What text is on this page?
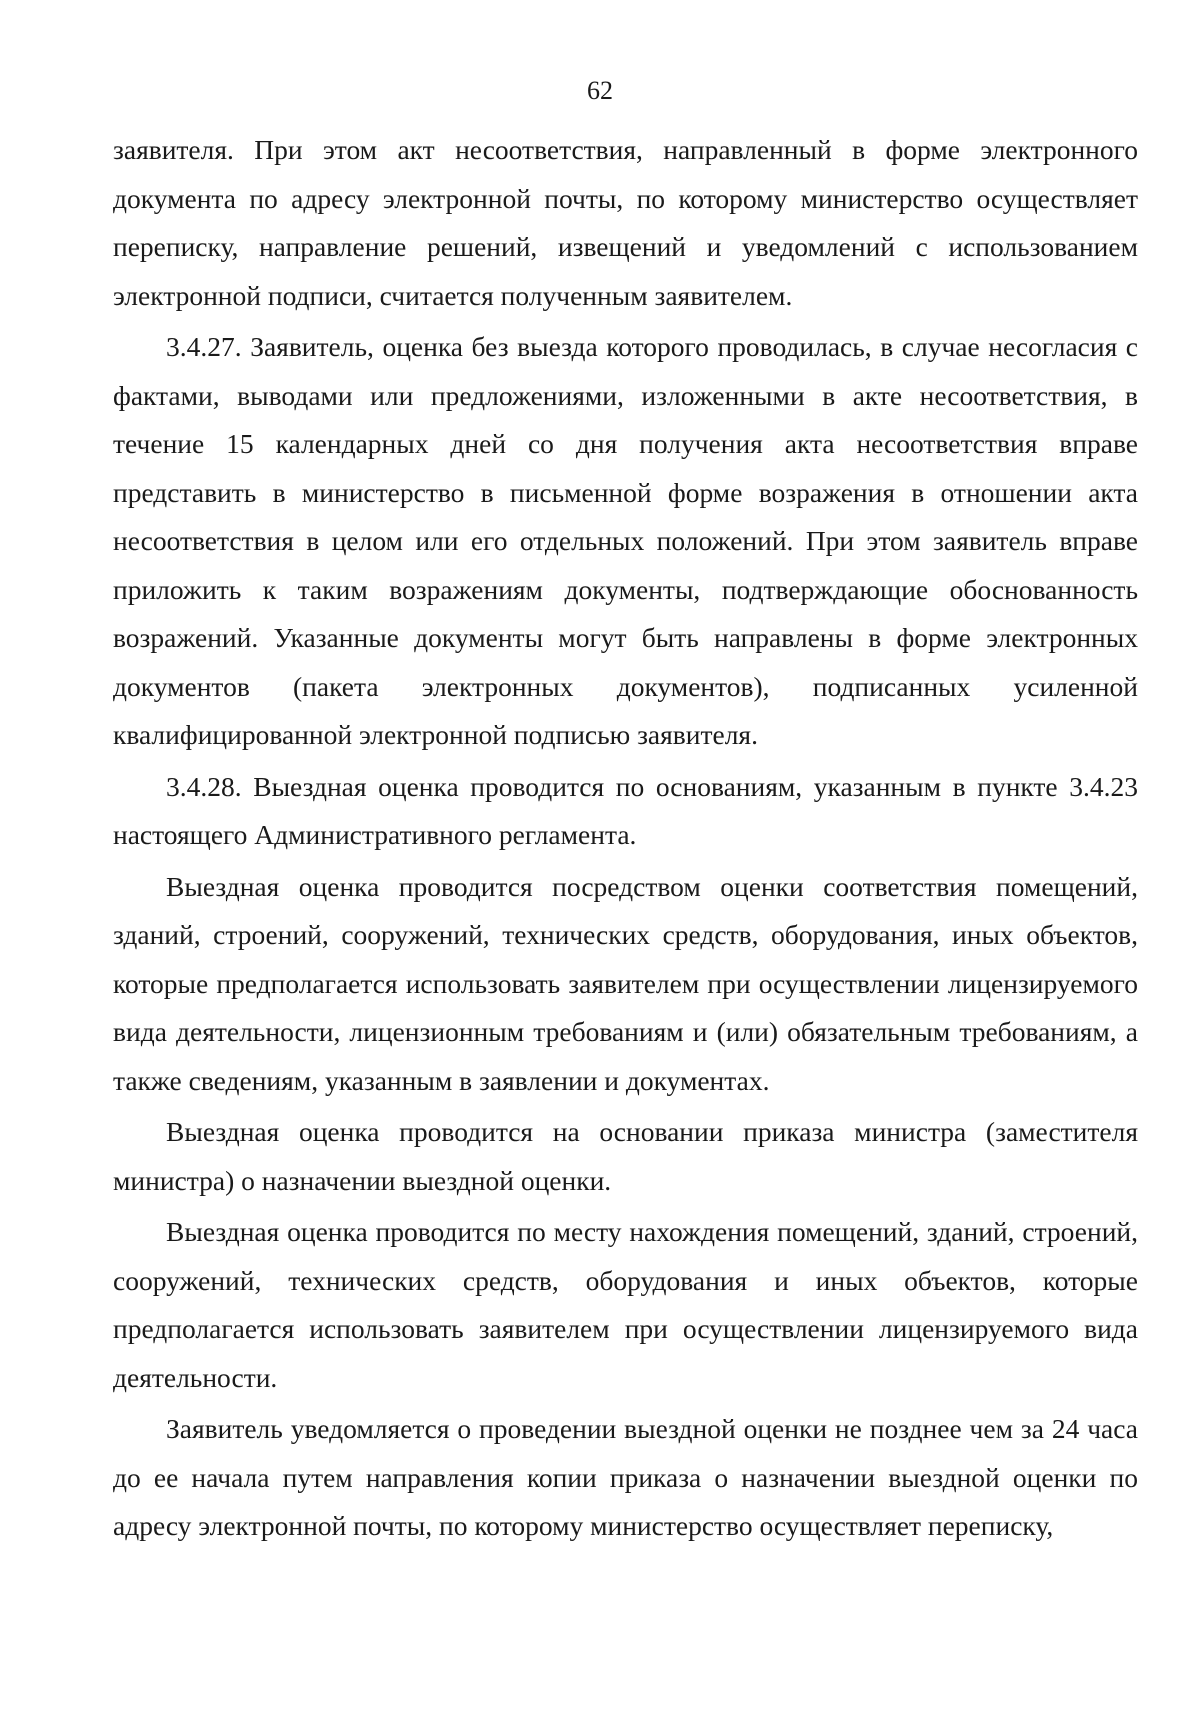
62

заявителя. При этом акт несоответствия, направленный в форме электронного документа по адресу электронной почты, по которому министерство осуществляет переписку, направление решений, извещений и уведомлений с использованием электронной подписи, считается полученным заявителем.

3.4.27. Заявитель, оценка без выезда которого проводилась, в случае несогласия с фактами, выводами или предложениями, изложенными в акте несоответствия, в течение 15 календарных дней со дня получения акта несоответствия вправе представить в министерство в письменной форме возражения в отношении акта несоответствия в целом или его отдельных положений. При этом заявитель вправе приложить к таким возражениям документы, подтверждающие обоснованность возражений. Указанные документы могут быть направлены в форме электронных документов (пакета электронных документов), подписанных усиленной квалифицированной электронной подписью заявителя.

3.4.28. Выездная оценка проводится по основаниям, указанным в пункте 3.4.23 настоящего Административного регламента.

Выездная оценка проводится посредством оценки соответствия помещений, зданий, строений, сооружений, технических средств, оборудования, иных объектов, которые предполагается использовать заявителем при осуществлении лицензируемого вида деятельности, лицензионным требованиям и (или) обязательным требованиям, а также сведениям, указанным в заявлении и документах.

Выездная оценка проводится на основании приказа министра (заместителя министра) о назначении выездной оценки.

Выездная оценка проводится по месту нахождения помещений, зданий, строений, сооружений, технических средств, оборудования и иных объектов, которые предполагается использовать заявителем при осуществлении лицензируемого вида деятельности.

Заявитель уведомляется о проведении выездной оценки не позднее чем за 24 часа до ее начала путем направления копии приказа о назначении выездной оценки по адресу электронной почты, по которому министерство осуществляет переписку,
